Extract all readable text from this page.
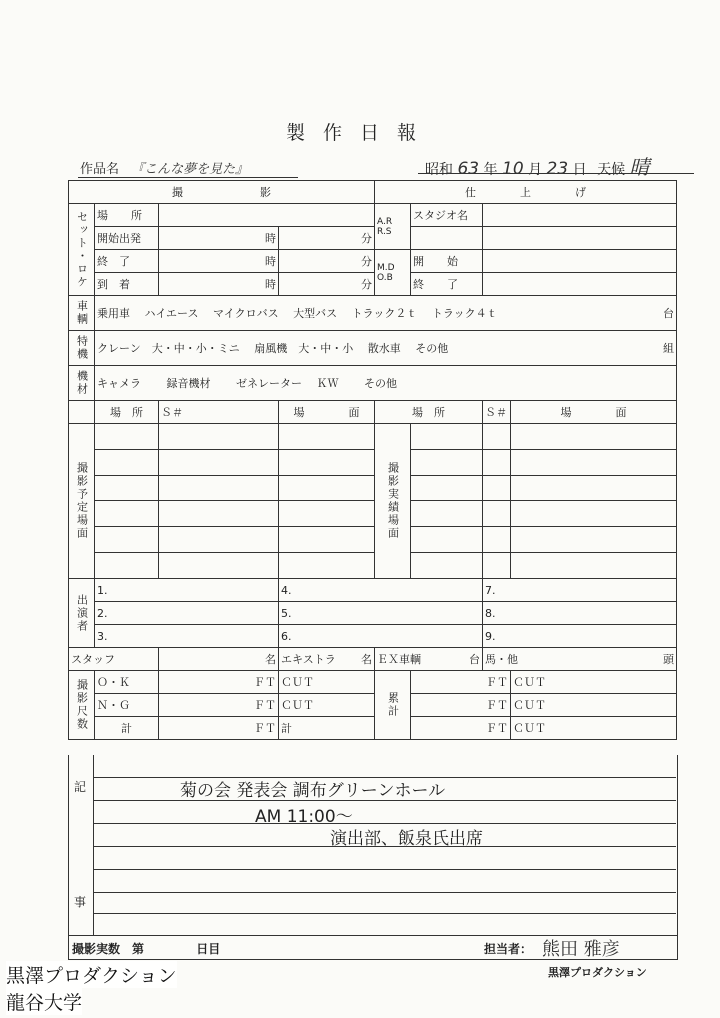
製作日報
作品名 『こんな夢を見た』	昭和 63 年 10 月 23 日 天候 晴
撮　　　　　　　影				仕　　　　上　　　　げ			
セット・ロケ	場　所			A.R R.S	スタジオ名		
	開始出発	時	分				
	終　了	時	分	M.D O.B	開　始		
	到　着	時	分		終　了		
車輌	乗用車　 ハイエース　 マイクロバス　 大型バス　 トラック２ｔ　 トラック４ｔ 台						

特機	クレーン　大・中・小・ミニ　 扇風機　大・中・小　 散水車　 その他 組						

機材	キャメラ　　 録音機材　　 ゼネレーター　 ＫＷ　　 その他						
	場　所	Ｓ＃	場　　　　面	場　所		Ｓ＃	場　　　　面
撮影予定場面				撮影実績場面			

出演者	1.		4.			7.	
	2.		5.			8.	
	3.		6.			9.	
スタッフ		名	エキストラ 名	ＥＸ車輌 台		馬・他 頭	

撮影尺数	Ｏ・Ｋ	ＦＴ	ＣＵＴ	累計	ＦＴ		ＣＵＴ
	Ｎ・Ｇ	ＦＴ	ＣＵＴ		ＦＴ		ＣＵＴ
	計	ＦＴ	計		ＦＴ		ＣＵＴ
記
事
菊の会 発表会 調布グリーンホール
AM 11:00～
演出部、飯泉氏出席
撮影実数　第	日目	担当者： 熊田 雅彦
黒澤プロダクション
黒澤プロダクション
龍谷大学
